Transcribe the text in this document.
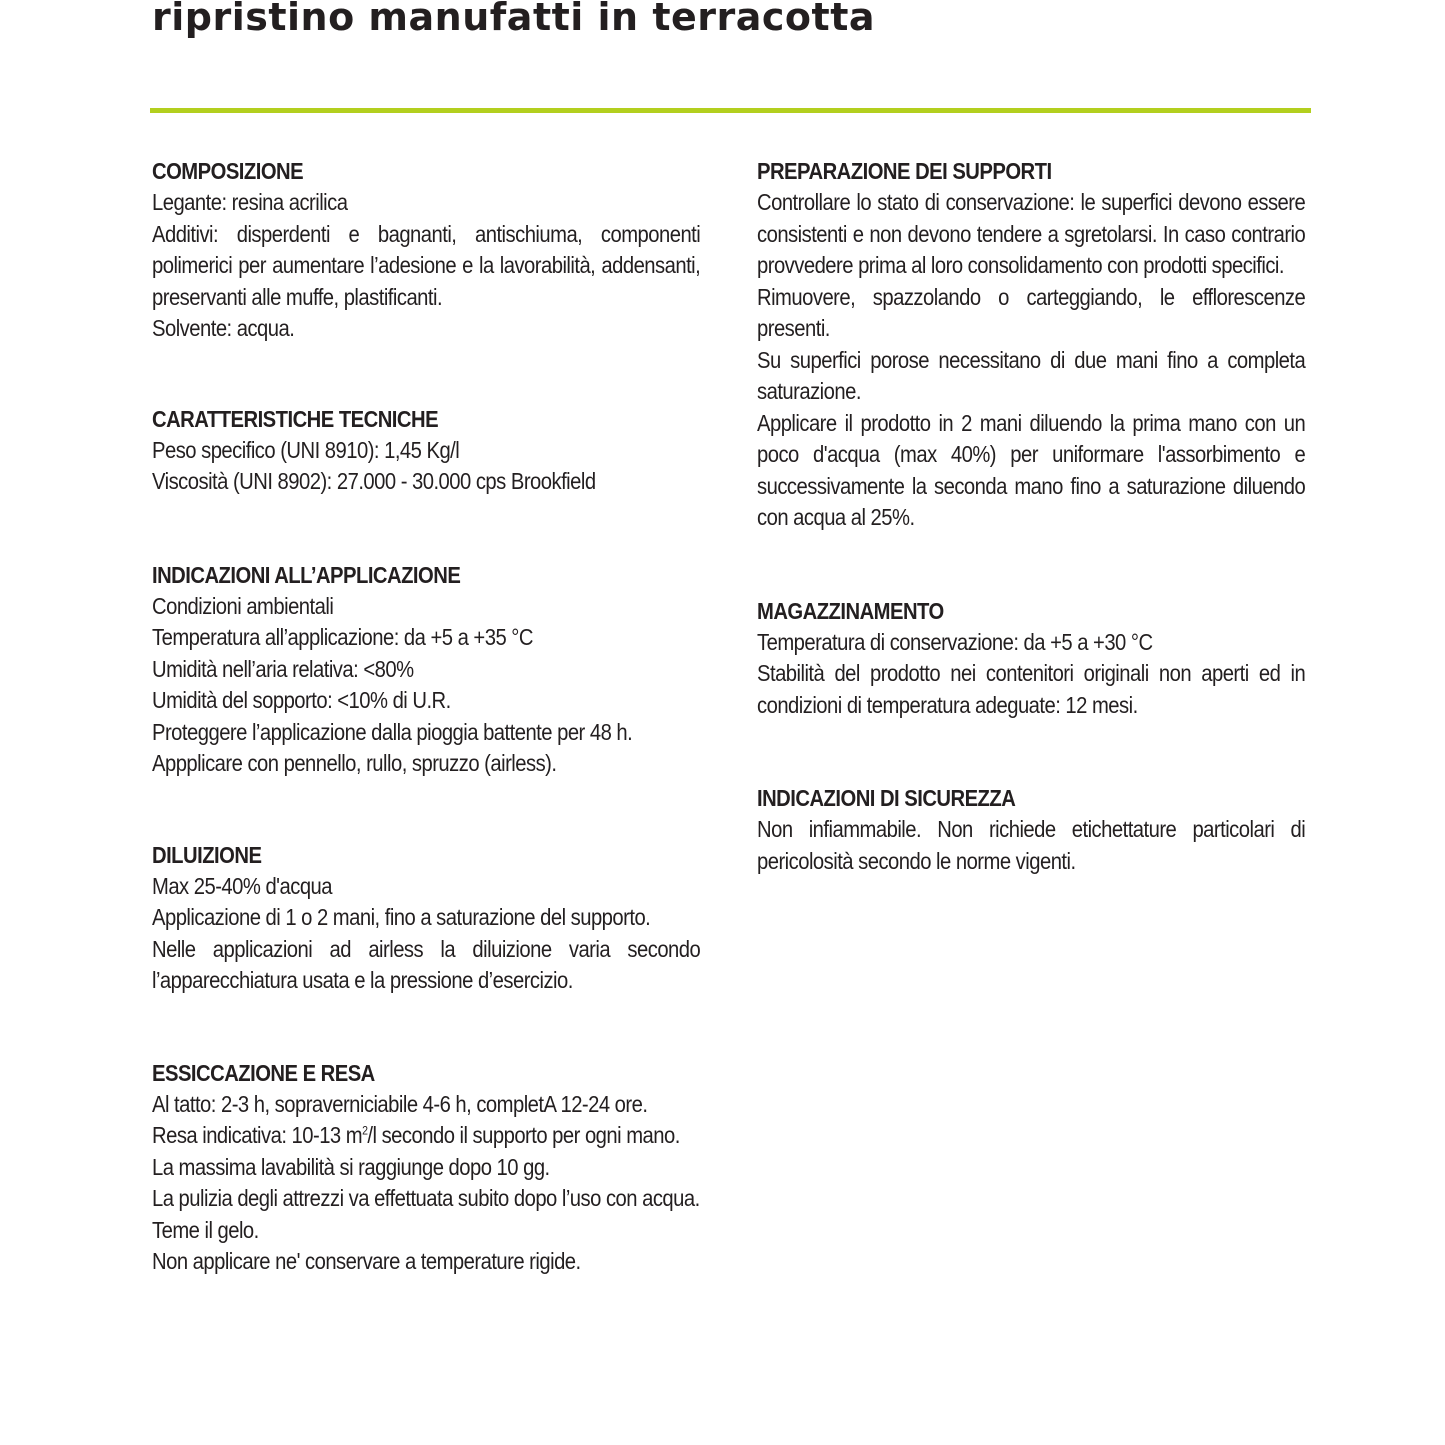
ripristino manufatti in terracotta
COMPOSIZIONE

Legante: resina acrilica

Additivi: disperdenti e bagnanti, antischiuma, componenti polimerici per aumentare l’adesione e la lavorabilità, addensanti, preservanti alle muffe, plastificanti.

Solvente: acqua.

CARATTERISTICHE TECNICHE

Peso specifico (UNI 8910): 1,45 Kg/l

Viscosità (UNI 8902): 27.000 - 30.000 cps Brookfield

INDICAZIONI ALL’APPLICAZIONE

Condizioni ambientali

Temperatura all’applicazione: da +5 a +35 °C

Umidità nell’aria relativa: <80%

Umidità del sopporto: <10% di U.R.

Proteggere l’applicazione dalla pioggia battente per 48 h.

Appplicare con pennello, rullo, spruzzo (airless).

DILUIZIONE

Max 25-40% d'acqua

Applicazione di 1 o 2 mani, fino a saturazione del supporto.

Nelle applicazioni ad airless la diluizione varia secondo l’apparecchiatura usata e la pressione d’esercizio.

ESSICCAZIONE E RESA

Al tatto: 2-3 h, sopraverniciabile 4-6 h, completA 12-24 ore.

Resa indicativa: 10-13 $m^2/l$ secondo il supporto per ogni mano.

La massima lavabilità si raggiunge dopo 10 gg.

La pulizia degli attrezzi va effettuata subito dopo l’uso con acqua.

Teme il gelo.

Non applicare ne' conservare a temperature rigide.

PREPARAZIONE DEI SUPPORTI

Controllare lo stato di conservazione: le superfici devono essere consistenti e non devono tendere a sgretolarsi. In caso contrario provvedere prima al loro consolidamento con prodotti specifici.

Rimuovere, spazzolando o carteggiando, le efflorescenze presenti.

Su superfici porose necessitano di due mani fino a completa saturazione.

Applicare il prodotto in 2 mani diluendo la prima mano con un poco d'acqua (max 40%) per uniformare l'assorbimento e successivamente la seconda mano fino a saturazione diluendo con acqua al 25%.

MAGAZZINAMENTO

Temperatura di conservazione: da +5 a +30 °C

Stabilità del prodotto nei contenitori originali non aperti ed in condizioni di temperatura adeguate: 12 mesi.

INDICAZIONI DI SICUREZZA

Non infiammabile. Non richiede etichettature particolari di pericolosità secondo le norme vigenti.
